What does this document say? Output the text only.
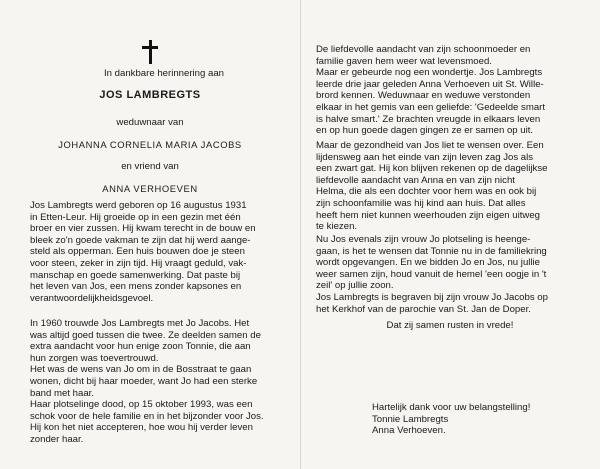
In dankbare herinnering aan

JOS LAMBREGTS

weduwnaar van

JOHANNA CORNELIA MARIA JACOBS

en vriend van

ANNA VERHOEVEN

Jos Lambregts werd geboren op 16 augustus 1931
in Etten-Leur. Hij groeide op in een gezin met één
broer en vier zussen. Hij kwam terecht in de bouw en
bleek zo'n goede vakman te zijn dat hij werd aange-
steld als opperman. Een huis bouwen doe je steen
voor steen, zeker in zijn tijd. Hij vraagt geduld, vak-
manschap en goede samenwerking. Dat paste bij
het leven van Jos, een mens zonder kapsones en
verantwoordelijkheidsgevoel.
In 1960 trouwde Jos Lambregts met Jo Jacobs. Het
was altijd goed tussen die twee. Ze deelden samen de
extra aandacht voor hun enige zoon Tonnie, die aan
hun zorgen was toevertrouwd.
Het was de wens van Jo om in de Bosstraat te gaan
wonen, dicht bij haar moeder, want Jo had een sterke
band met haar.
Haar plotselinge dood, op 15 oktober 1993, was een
schok voor de hele familie en in het bijzonder voor Jos.
Hij kon het niet accepteren, hoe wou hij verder leven
zonder haar.
De liefdevolle aandacht van zijn schoonmoeder en
familie gaven hem weer wat levensmoed.
Maar er gebeurde nog een wondertje. Jos Lambregts
leerde drie jaar geleden Anna Verhoeven uit St. Wille-
brord kennen. Weduwnaar en weduwe verstonden
elkaar in het gemis van een geliefde: 'Gedeelde smart
is halve smart.' Ze brachten vreugde in elkaars leven
en op hun goede dagen gingen ze er samen op uit.
Maar de gezondheid van Jos liet te wensen over. Een
lijdensweg aan het einde van zijn leven zag Jos als
een zwart gat. Hij kon blijven rekenen op de dagelijkse
liefdevolle aandacht van Anna en van zijn nicht
Helma, die als een dochter voor hem was en ook bij
zijn schoonfamilie was hij kind aan huis. Dat alles
heeft hem niet kunnen weerhouden zijn eigen uitweg
te kiezen.
Nu Jos evenals zijn vrouw Jo plotseling is heenge-
gaan, is het te wensen dat Tonnie nu in de familiekring
wordt opgevangen. En we bidden Jo en Jos, nu jullie
weer samen zijn, houd vanuit de hemel 'een oogje in 't
zeil' op jullie zoon.
Jos Lambregts is begraven bij zijn vrouw Jo Jacobs op
het Kerkhof van de parochie van St. Jan de Doper.

Dat zij samen rusten in vrede!

Hartelijk dank voor uw belangstelling!

Tonnie Lambregts

Anna Verhoeven.
